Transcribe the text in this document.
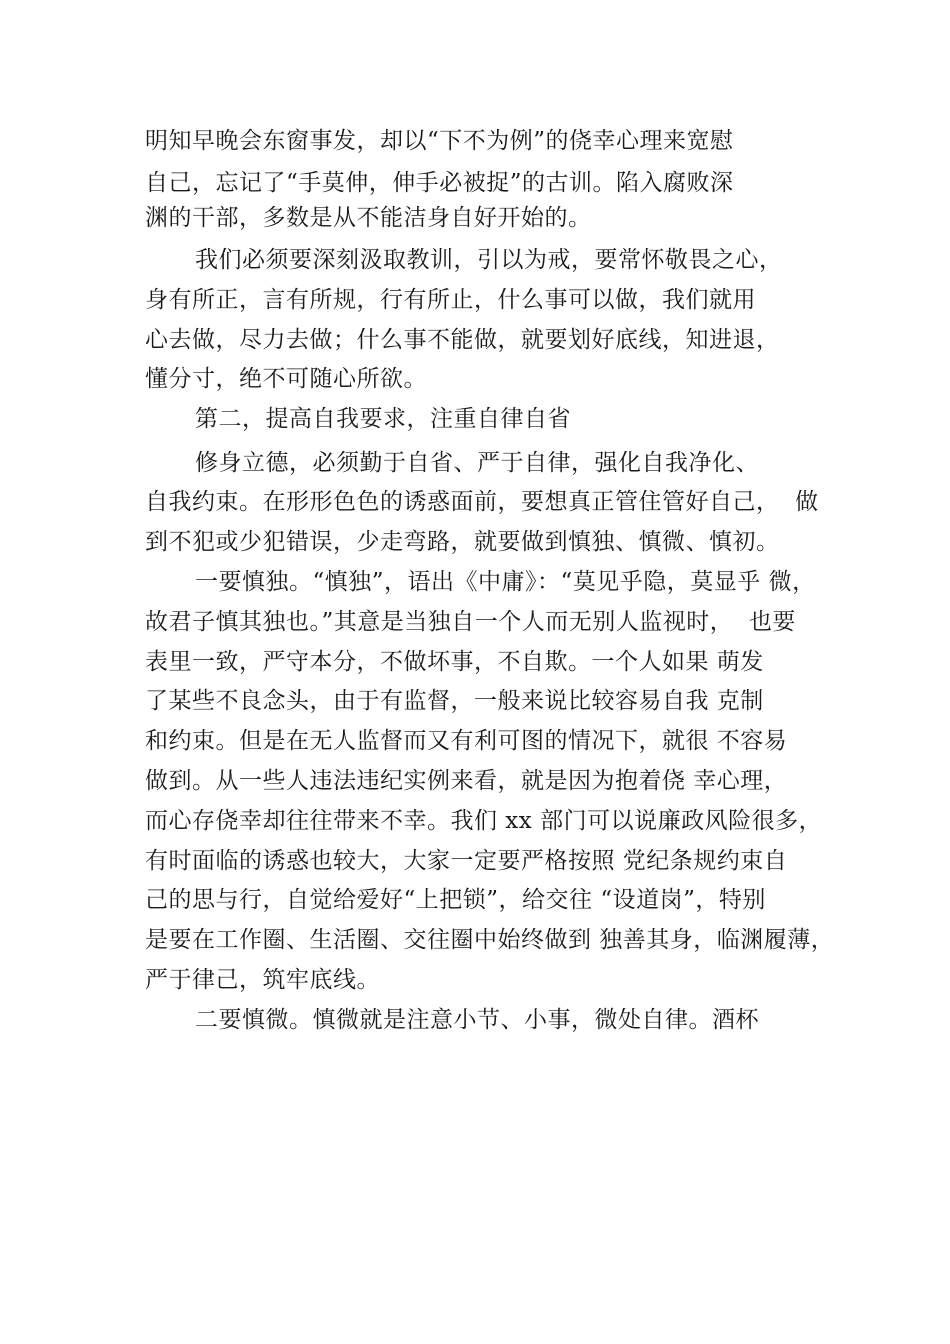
明知早晚会东窗事发，却以“下不为例”的侥幸心理来宽慰
自己，忘记了“手莫伸，伸手必被捉”的古训。陷入腐败深
渊的干部，多数是从不能洁身自好开始的。
我们必须要深刻汲取教训，引以为戒，要常怀敬畏之心，
身有所正，言有所规，行有所止，什么事可以做，我们就用
心去做，尽力去做；什么事不能做，就要划好底线，知进退，
懂分寸，绝不可随心所欲。
第二，提高自我要求，注重自律自省
修身立德，必须勤于自省、严于自律，强化自我净化、
自我约束。在形形色色的诱惑面前，要想真正管住管好自己，  做
到不犯或少犯错误，少走弯路，就要做到慎独、慎微、慎初。
一要慎独。“慎独”，语出《中庸》：“莫见乎隐，莫显乎 微，
故君子慎其独也。”其意是当独自一个人而无别人监视时，  也要
表里一致，严守本分，不做坏事，不自欺。一个人如果 萌发
了某些不良念头，由于有监督，一般来说比较容易自我 克制
和约束。但是在无人监督而又有利可图的情况下，就很 不容易
做到。从一些人违法违纪实例来看，就是因为抱着侥 幸心理，
而心存侥幸却往往带来不幸。我们 xx 部门可以说廉政风险很多，
有时面临的诱惑也较大，大家一定要严格按照 党纪条规约束自
己的思与行，自觉给爱好“上把锁”，给交往 “设道岗”，特别
是要在工作圈、生活圈、交往圈中始终做到 独善其身，临渊履薄，
严于律己，筑牢底线。
二要慎微。慎微就是注意小节、小事，微处自律。酒杯
